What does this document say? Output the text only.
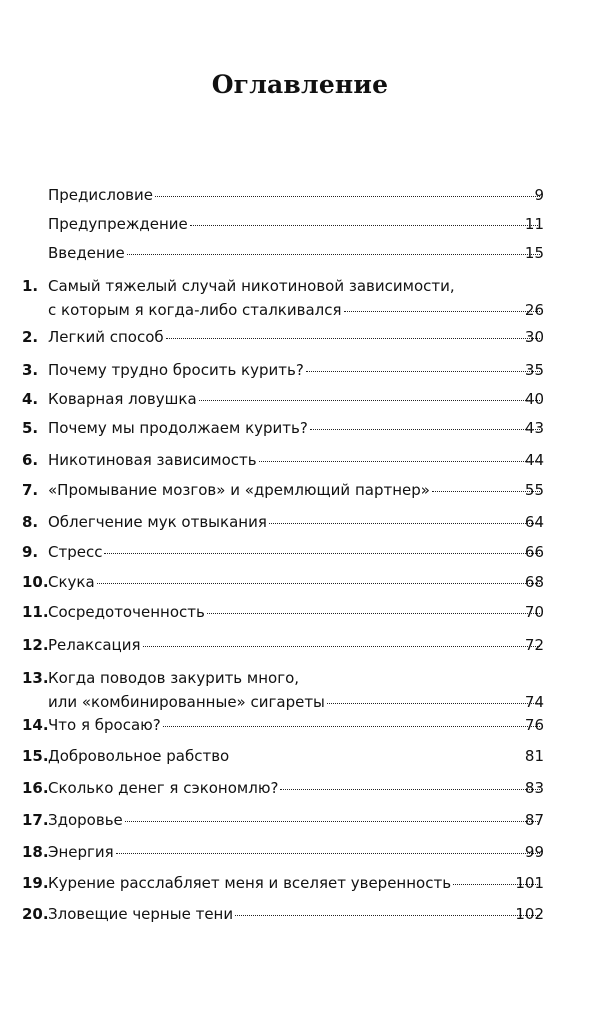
Оглавление
Предисловие	9
Предупреждение	11
Введение	15
1. Самый тяжелый случай никотиновой зависимости,
с которым я когда-либо сталкивался	26
2. Легкий способ	30
3. Почему трудно бросить курить?	35
4. Коварная ловушка	40
5. Почему мы продолжаем курить?	43
6. Никотиновая зависимость	44
7. «Промывание мозгов» и «дремлющий партнер»	55
8. Облегчение мук отвыкания	64
9. Стресс	66
10. Скука	68
11. Сосредоточенность	70
12. Релаксация	72
13. Когда поводов закурить много,
или «комбинированные» сигареты	74
14. Что я бросаю?	76
15. Добровольное рабство	81
16. Сколько денег я сэкономлю?	83
17. Здоровье	87
18. Энергия	99
19. Курение расслабляет меня и вселяет уверенность	101
20. Зловещие черные тени	102
